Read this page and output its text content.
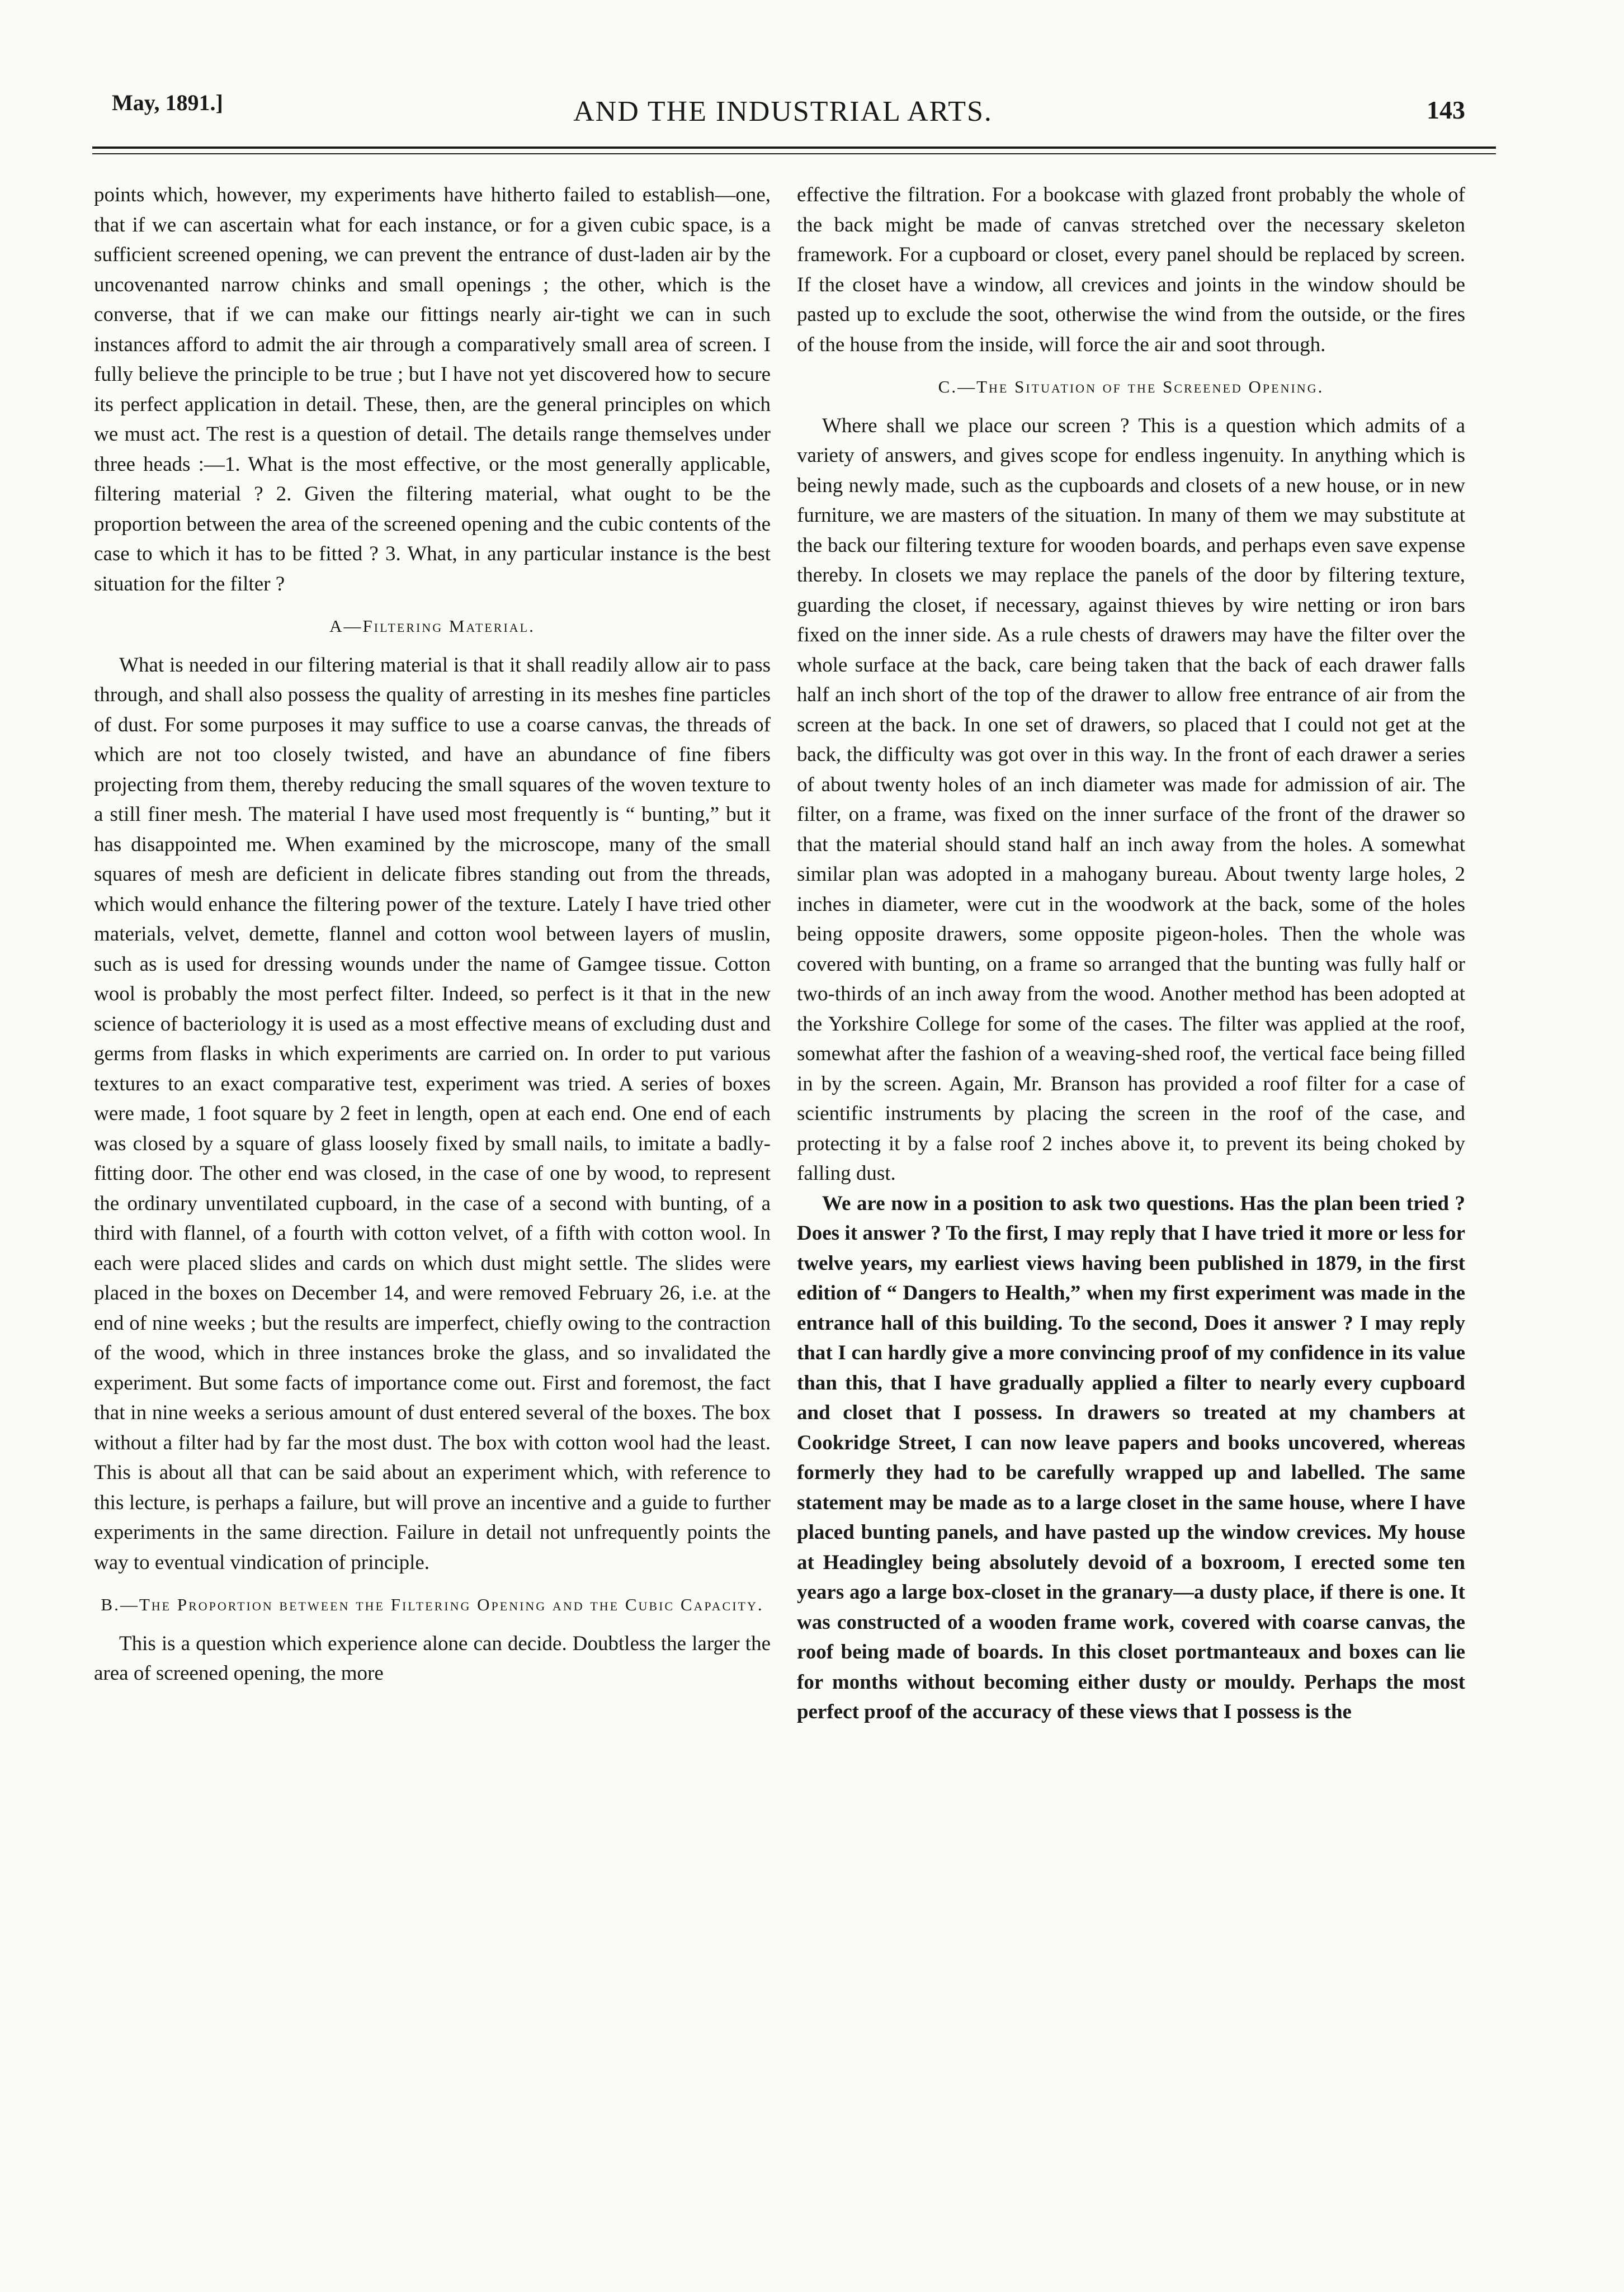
May, 1891.]	AND THE INDUSTRIAL ARTS.	143

points which, however, my experiments have hitherto failed to establish—one, that if we can ascertain what for each instance, or for a given cubic space, is a sufficient screened opening, we can prevent the entrance of dust-laden air by the uncovenanted narrow chinks and small openings ; the other, which is the converse, that if we can make our fittings nearly air-tight we can in such instances afford to admit the air through a comparatively small area of screen. I fully believe the principle to be true ; but I have not yet discovered how to secure its perfect application in detail. These, then, are the general principles on which we must act. The rest is a question of detail. The details range themselves under three heads :—1. What is the most effective, or the most generally applicable, filtering material ? 2. Given the filtering material, what ought to be the proportion between the area of the screened opening and the cubic contents of the case to which it has to be fitted ? 3. What, in any particular instance is the best situation for the filter ?

A—Filtering Material.

What is needed in our filtering material is that it shall readily allow air to pass through, and shall also possess the quality of arresting in its meshes fine particles of dust. For some purposes it may suffice to use a coarse canvas, the threads of which are not too closely twisted, and have an abundance of fine fibers projecting from them, thereby reducing the small squares of the woven texture to a still finer mesh. The material I have used most frequently is “ bunting,” but it has disappointed me. When examined by the microscope, many of the small squares of mesh are deficient in delicate fibres standing out from the threads, which would enhance the filtering power of the texture. Lately I have tried other materials, velvet, demette, flannel and cotton wool between layers of muslin, such as is used for dressing wounds under the name of Gamgee tissue. Cotton wool is probably the most perfect filter. Indeed, so perfect is it that in the new science of bacteriology it is used as a most effective means of excluding dust and germs from flasks in which experiments are carried on. In order to put various textures to an exact comparative test, experiment was tried. A series of boxes were made, 1 foot square by 2 feet in length, open at each end. One end of each was closed by a square of glass loosely fixed by small nails, to imitate a badly-fitting door. The other end was closed, in the case of one by wood, to represent the ordinary unventilated cupboard, in the case of a second with bunting, of a third with flannel, of a fourth with cotton velvet, of a fifth with cotton wool. In each were placed slides and cards on which dust might settle. The slides were placed in the boxes on December 14, and were removed February 26, i.e. at the end of nine weeks ; but the results are imperfect, chiefly owing to the contraction of the wood, which in three instances broke the glass, and so invalidated the experiment. But some facts of importance come out. First and foremost, the fact that in nine weeks a serious amount of dust entered several of the boxes. The box without a filter had by far the most dust. The box with cotton wool had the least. This is about all that can be said about an experiment which, with reference to this lecture, is perhaps a failure, but will prove an incentive and a guide to further experiments in the same direction. Failure in detail not unfrequently points the way to eventual vindication of principle.

B.—The Proportion between the Filtering Opening and the Cubic Capacity.

This is a question which experience alone can decide. Doubtless the larger the area of screened opening, the more

effective the filtration. For a bookcase with glazed front probably the whole of the back might be made of canvas stretched over the necessary skeleton framework. For a cupboard or closet, every panel should be replaced by screen. If the closet have a window, all crevices and joints in the window should be pasted up to exclude the soot, otherwise the wind from the outside, or the fires of the house from the inside, will force the air and soot through.

C.—The Situation of the Screened Opening.

Where shall we place our screen ? This is a question which admits of a variety of answers, and gives scope for endless ingenuity. In anything which is being newly made, such as the cupboards and closets of a new house, or in new furniture, we are masters of the situation. In many of them we may substitute at the back our filtering texture for wooden boards, and perhaps even save expense thereby. In closets we may replace the panels of the door by filtering texture, guarding the closet, if necessary, against thieves by wire netting or iron bars fixed on the inner side. As a rule chests of drawers may have the filter over the whole surface at the back, care being taken that the back of each drawer falls half an inch short of the top of the drawer to allow free entrance of air from the screen at the back. In one set of drawers, so placed that I could not get at the back, the difficulty was got over in this way. In the front of each drawer a series of about twenty holes of an inch diameter was made for admission of air. The filter, on a frame, was fixed on the inner surface of the front of the drawer so that the material should stand half an inch away from the holes. A somewhat similar plan was adopted in a mahogany bureau. About twenty large holes, 2 inches in diameter, were cut in the woodwork at the back, some of the holes being opposite drawers, some opposite pigeon-holes. Then the whole was covered with bunting, on a frame so arranged that the bunting was fully half or two-thirds of an inch away from the wood. Another method has been adopted at the Yorkshire College for some of the cases. The filter was applied at the roof, somewhat after the fashion of a weaving-shed roof, the vertical face being filled in by the screen. Again, Mr. Branson has provided a roof filter for a case of scientific instruments by placing the screen in the roof of the case, and protecting it by a false roof 2 inches above it, to prevent its being choked by falling dust.

We are now in a position to ask two questions. Has the plan been tried ? Does it answer ? To the first, I may reply that I have tried it more or less for twelve years, my earliest views having been published in 1879, in the first edition of “ Dangers to Health,” when my first experiment was made in the entrance hall of this building. To the second, Does it answer ? I may reply that I can hardly give a more convincing proof of my confidence in its value than this, that I have gradually applied a filter to nearly every cupboard and closet that I possess. In drawers so treated at my chambers at Cookridge Street, I can now leave papers and books uncovered, whereas formerly they had to be carefully wrapped up and labelled. The same statement may be made as to a large closet in the same house, where I have placed bunting panels, and have pasted up the window crevices. My house at Headingley being absolutely devoid of a boxroom, I erected some ten years ago a large box-closet in the granary—a dusty place, if there is one. It was constructed of a wooden frame work, covered with coarse canvas, the roof being made of boards. In this closet portmanteaux and boxes can lie for months without becoming either dusty or mouldy. Perhaps the most perfect proof of the accuracy of these views that I possess is the
